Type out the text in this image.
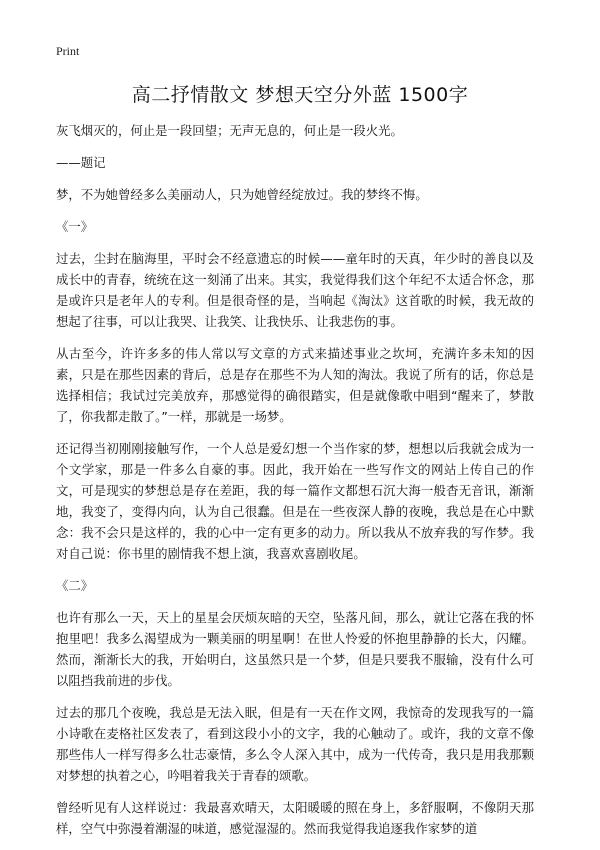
Print
高二抒情散文 梦想天空分外蓝 1500字

灰飞烟灭的，何止是一段回望；无声无息的，何止是一段火光。

——题记

梦，不为她曾经多么美丽动人，只为她曾经绽放过。我的梦终不悔。

《一》

过去，尘封在脑海里，平时会不经意遗忘的时候——童年时的天真，年少时的善良以及成长中的青春，统统在这一刻涌了出来。其实，我觉得我们这个年纪不太适合怀念，那是或许只是老年人的专利。但是很奇怪的是，当响起《淘汰》这首歌的时候，我无故的想起了往事，可以让我哭、让我笑、让我快乐、让我悲伤的事。

从古至今，许许多多的伟人常以写文章的方式来描述事业之坎坷，充满许多未知的因素，只是在那些因素的背后，总是存在那些不为人知的淘汰。我说了所有的话，你总是选择相信；我试过完美放弃，那感觉得的确很踏实，但是就像歌中唱到“醒来了，梦散了，你我都走散了。”一样，那就是一场梦。

还记得当初刚刚接触写作，一个人总是爱幻想一个当作家的梦，想想以后我就会成为一个文学家，那是一件多么自豪的事。因此，我开始在一些写作文的网站上传自己的作文，可是现实的梦想总是存在差距，我的每一篇作文都想石沉大海一般杳无音讯，渐渐地，我变了，变得内向，认为自己很蠢。但是在一些夜深人静的夜晚，我总是在心中默念：我不会只是这样的，我的心中一定有更多的动力。所以我从不放弃我的写作梦。我对自己说：你书里的剧情我不想上演，我喜欢喜剧收尾。

《二》

也许有那么一天，天上的星星会厌烦灰暗的天空，坠落凡间，那么，就让它落在我的怀抱里吧！我多么渴望成为一颗美丽的明星啊！在世人怜爱的怀抱里静静的长大，闪耀。然而，渐渐长大的我，开始明白，这虽然只是一个梦，但是只要我不服输，没有什么可以阻挡我前进的步伐。

过去的那几个夜晚，我总是无法入眠，但是有一天在作文网，我惊奇的发现我写的一篇小诗歌在麦格社区发表了，看到这段小小的文字，我的心触动了。或许，我的文章不像那些伟人一样写得多么壮志豪情，多么令人深入其中，成为一代传奇，我只是用我那颗对梦想的执着之心，吟唱着我关于青春的颂歌。

曾经听见有人这样说过：我最喜欢晴天，太阳暖暖的照在身上，多舒服啊，不像阴天那样，空气中弥漫着潮湿的味道，感觉湿湿的。然而我觉得我追逐我作家梦的道
